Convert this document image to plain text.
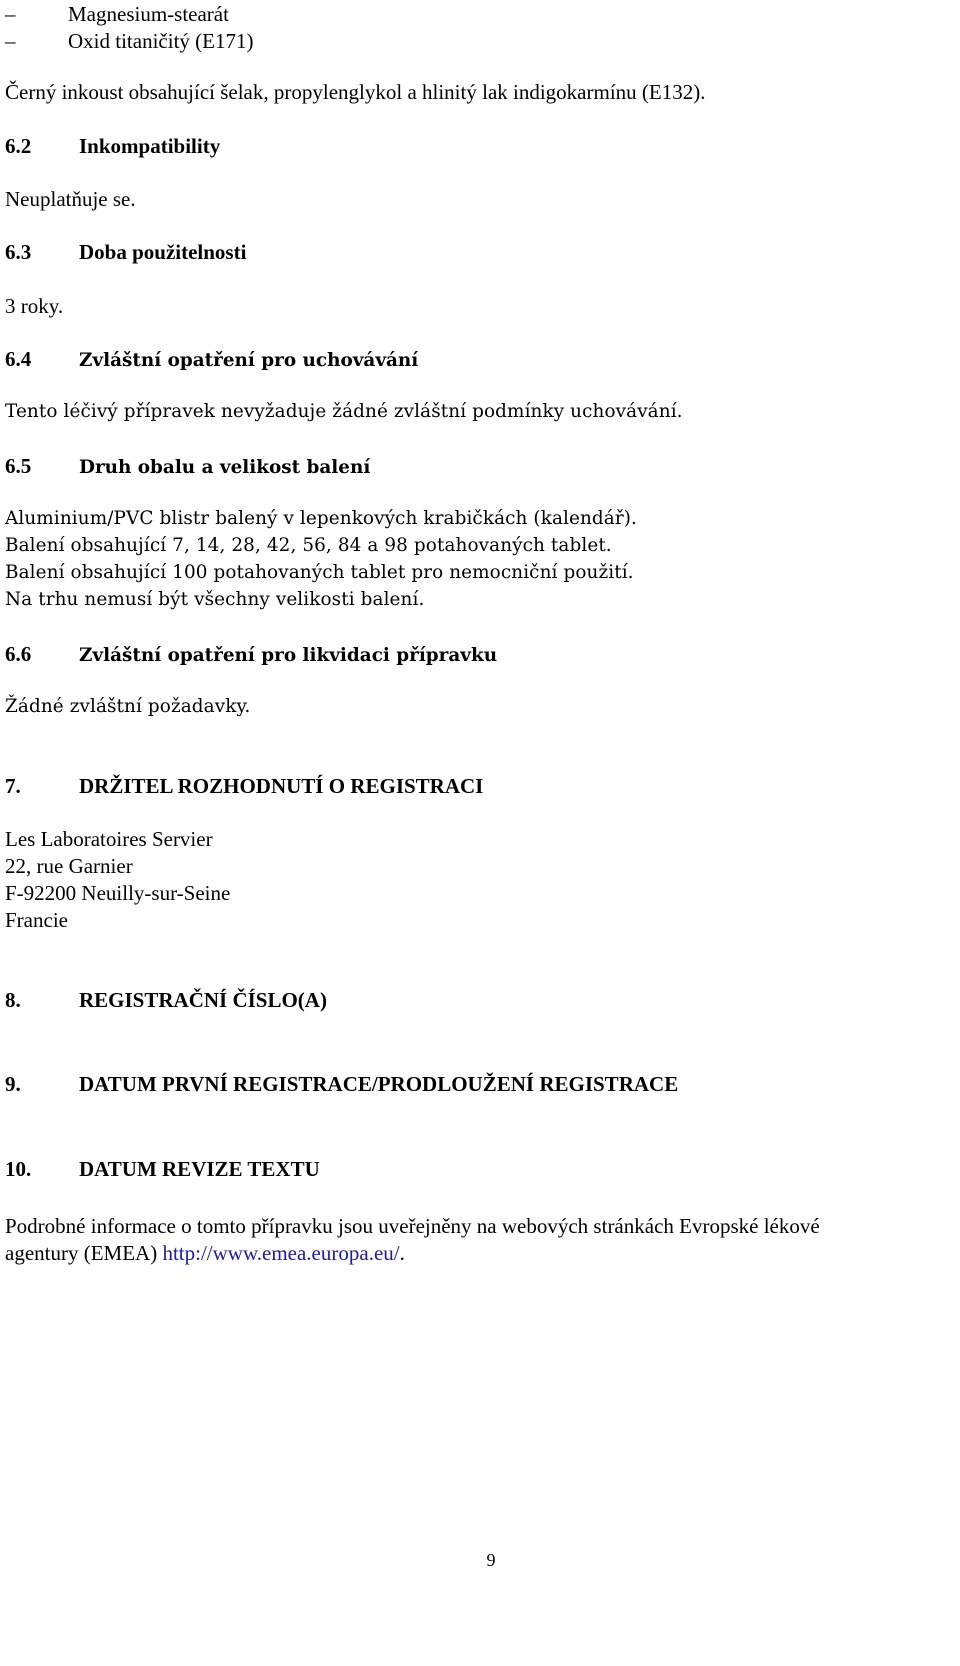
–	Magnesium-stearát
–	Oxid titaničitý (E171)
Černý inkoust obsahující šelak, propylenglykol a hlinitý lak indigokarmínu (E132).
6.2 Inkompatibility
Neuplatňuje se.
6.3 Doba použitelnosti
3 roky.
6.4	Zvláštní opatření pro uchovávání
Tento léčivý přípravek nevyžaduje žádné zvláštní podmínky uchovávání.
6.5	Druh obalu a velikost balení
Aluminium/PVC blistr balený v lepenkových krabičkách (kalendář).
Balení obsahující 7, 14, 28, 42, 56, 84 a 98 potahovaných tablet.
Balení obsahující 100 potahovaných tablet pro nemocniční použití.
Na trhu nemusí být všechny velikosti balení.
6.6	Zvláštní opatření pro likvidaci přípravku
Žádné zvláštní požadavky.
7.	DRŽITEL ROZHODNUTÍ O REGISTRACI
Les Laboratoires Servier
22, rue Garnier
F-92200 Neuilly-sur-Seine
Francie
8.	REGISTRAČNÍ ČÍSLO(A)
9.	DATUM PRVNÍ REGISTRACE/PRODLOUŽENÍ REGISTRACE
10. DATUM REVIZE TEXTU
Podrobné informace o tomto přípravku jsou uveřejněny na webových stránkách Evropské lékové
agentury (EMEA) http://www.emea.europa.eu/.
9
